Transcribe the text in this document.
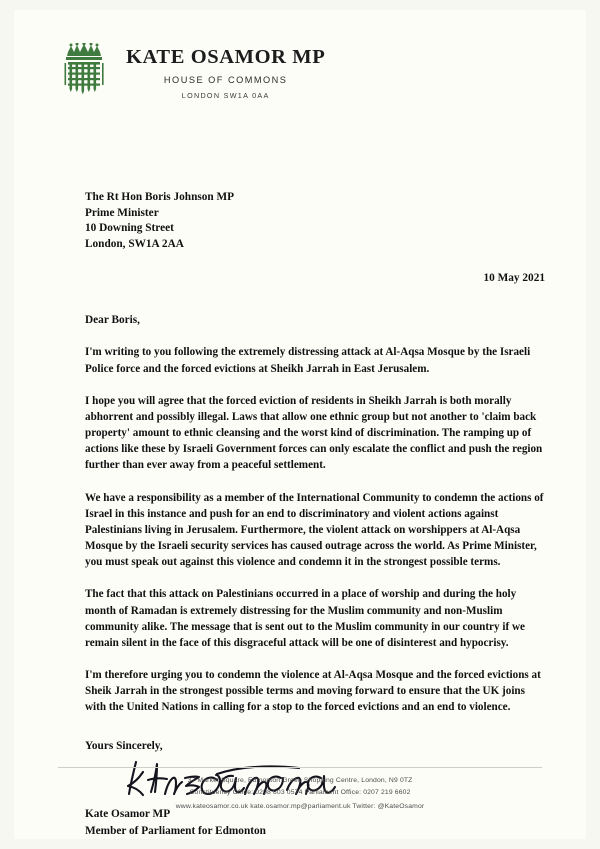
KATE OSAMOR MP
HOUSE OF COMMONS
LONDON SW1A 0AA
The Rt Hon Boris Johnson MP
Prime Minister
10 Downing Street
London, SW1A 2AA
10 May 2021
Dear Boris,

I'm writing to you following the extremely distressing attack at Al-Aqsa Mosque by the Israeli Police force and the forced evictions at Sheikh Jarrah in East Jerusalem.

I hope you will agree that the forced eviction of residents in Sheikh Jarrah is both morally abhorrent and possibly illegal. Laws that allow one ethnic group but not another to 'claim back property' amount to ethnic cleansing and the worst kind of discrimination. The ramping up of actions like these by Israeli Government forces can only escalate the conflict and push the region further than ever away from a peaceful settlement.

We have a responsibility as a member of the International Community to condemn the actions of Israel in this instance and push for an end to discriminatory and violent actions against Palestinians living in Jerusalem. Furthermore, the violent attack on worshippers at Al-Aqsa Mosque by the Israeli security services has caused outrage across the world. As Prime Minister, you must speak out against this violence and condemn it in the strongest possible terms.

The fact that this attack on Palestinians occurred in a place of worship and during the holy month of Ramadan is extremely distressing for the Muslim community and non-Muslim community alike. The message that is sent out to the Muslim community in our country if we remain silent in the face of this disgraceful attack will be one of disinterest and hypocrisy.

I'm therefore urging you to condemn the violence at Al-Aqsa Mosque and the forced evictions at Sheik Jarrah in the strongest possible terms and moving forward to ensure that the UK joins with the United Nations in calling for a stop to the forced evictions and an end to violence.

Yours Sincerely,
Kate Osamor MP
Member of Parliament for Edmonton
37 Market Square, Edmonton Green Shopping Centre, London, N9 0TZ
Constituency Office: 0208 803 0574 Parliament Office: 0207 219 6602
www.kateosamor.co.uk kate.osamor.mp@parliament.uk Twitter: @KateOsamor
